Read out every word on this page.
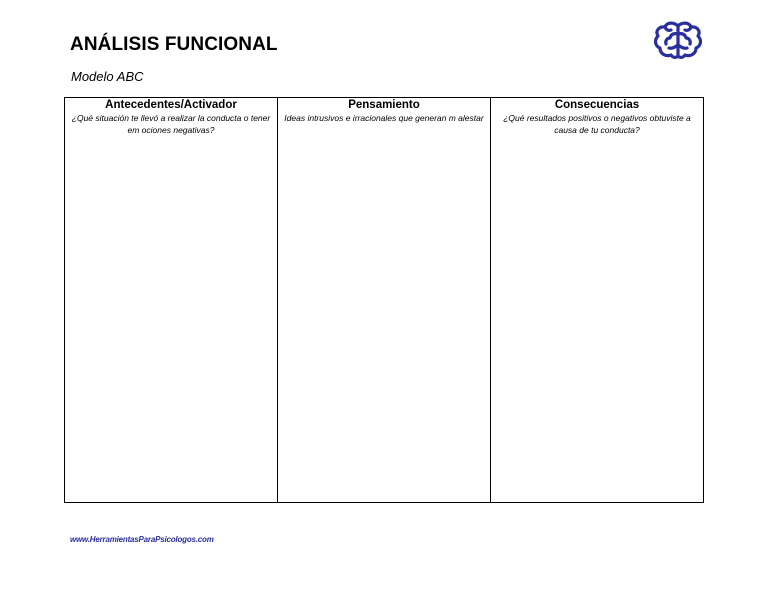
ANÁLISIS FUNCIONAL
Modelo ABC
Antecedentes/Activador
¿Qué situación te llevó a realizar la conducta o tener em ociones negativas?
Pensamiento
Ideas intrusivos e irracionales que generan m alestar
Consecuencias
¿Qué resultados positivos o negativos obtuviste a causa de tu conducta?
www.HerramientasParaPsicologos.com
